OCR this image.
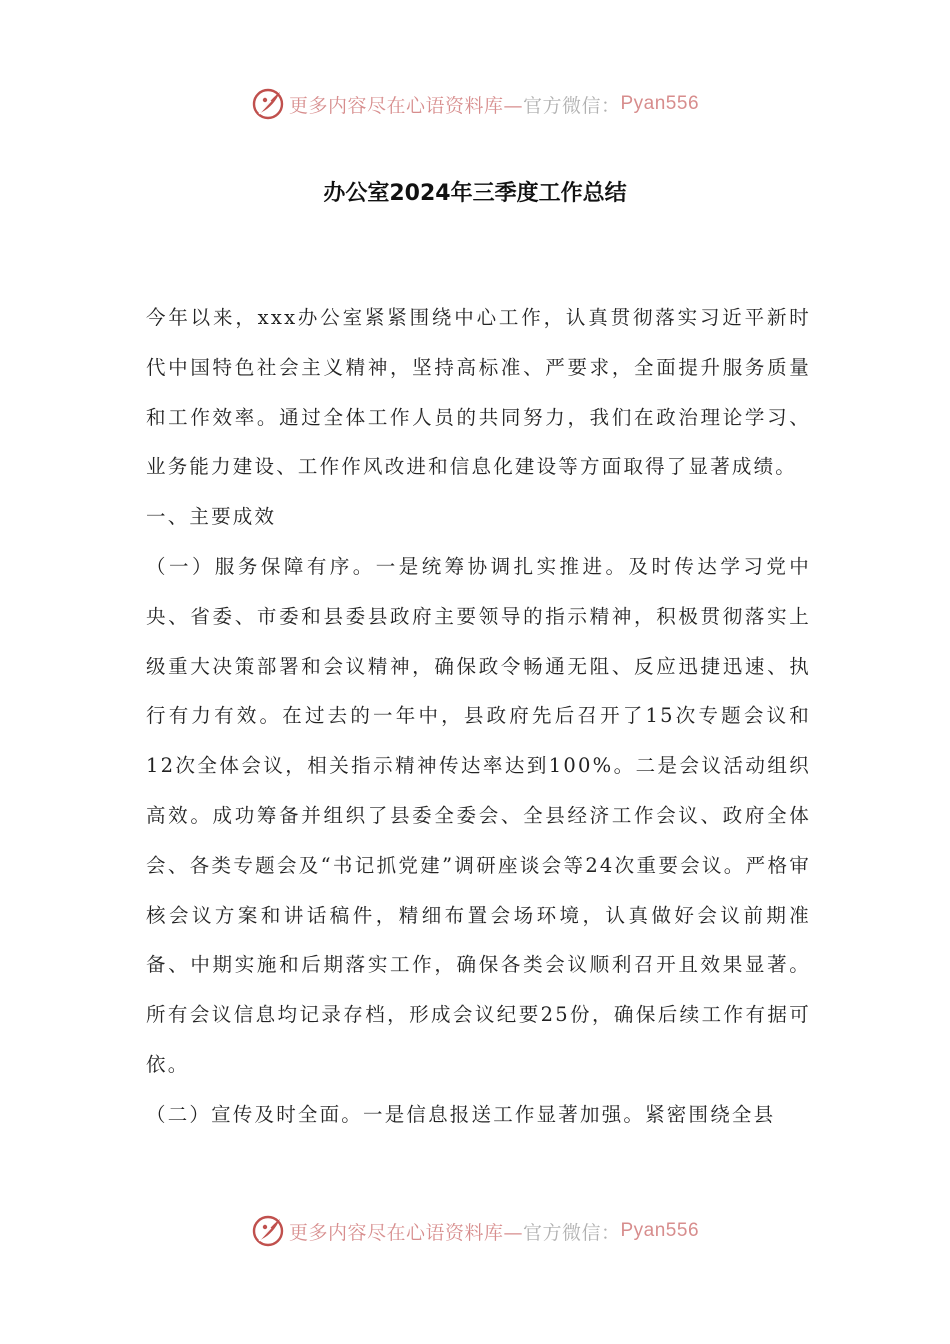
更多内容尽在心语资料库— 官方微信： Pyan556
办公室2024年三季度工作总结

今年以来，xxx办公室紧紧围绕中心工作，认真贯彻落实习近平新时代中国特色社会主义精神，坚持高标准、严要求，全面提升服务质量和工作效率。通过全体工作人员的共同努力，我们在政治理论学习、业务能力建设、工作作风改进和信息化建设等方面取得了显著成绩。

一、主要成效

（一）服务保障有序。一是统筹协调扎实推进。及时传达学习党中央、省委、市委和县委县政府主要领导的指示精神，积极贯彻落实上级重大决策部署和会议精神，确保政令畅通无阻、反应迅捷迅速、执行有力有效。在过去的一年中，县政府先后召开了15次专题会议和12次全体会议，相关指示精神传达率达到100%。二是会议活动组织高效。成功筹备并组织了县委全委会、全县经济工作会议、政府全体会、各类专题会及“书记抓党建”调研座谈会等24次重要会议。严格审核会议方案和讲话稿件，精细布置会场环境，认真做好会议前期准备、中期实施和后期落实工作，确保各类会议顺利召开且效果显著。所有会议信息均记录存档，形成会议纪要25份，确保后续工作有据可依。

（二）宣传及时全面。一是信息报送工作显著加强。紧密围绕全县

更多内容尽在心语资料库— 官方微信： Pyan556
